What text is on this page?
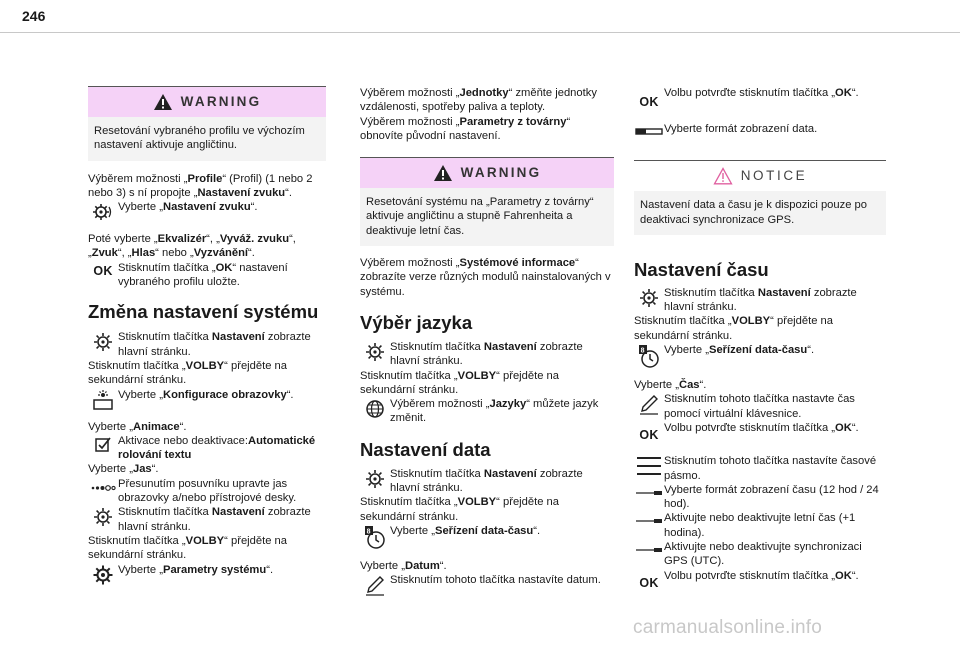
246
WARNING
Resetování vybraného profilu ve výchozím nastavení aktivuje angličtinu.

Výběrem možnosti „Profile“ (Profil) (1 nebo 2 nebo 3) s ní propojte „Nastavení zvuku“.

Vyberte „Nastavení zvuku“.

Poté vyberte „Ekvalizér“, „Vyváž. zvuku“, „Zvuk“, „Hlas“ nebo „Vyzvánění“.

OK Stisknutím tlačítka „OK“ nastavení vybraného profilu uložte.
Změna nastavení systému
Stisknutím tlačítka Nastavení zobrazte hlavní stránku.

Stisknutím tlačítka „VOLBY“ přejděte na sekundární stránku.

Vyberte „Konfigurace obrazovky“.

Vyberte „Animace“.

Aktivace nebo deaktivace:Automatické rolování textu

Vyberte „Jas“.

Přesunutím posuvníku upravte jas obrazovky a/nebo přístrojové desky.
Stisknutím tlačítka Nastavení zobrazte hlavní stránku.

Stisknutím tlačítka „VOLBY“ přejděte na sekundární stránku.

Vyberte „Parametry systému“.

Výběrem možnosti „Jednotky“ změňte jednotky vzdálenosti, spotřeby paliva a teploty.

Výběrem možnosti „Parametry z továrny“ obnovíte původní nastavení.

WARNING
Resetování systému na „Parametry z továrny“ aktivuje angličtinu a stupně Fahrenheita a deaktivuje letní čas.

Výběrem možnosti „Systémové informace“ zobrazíte verze různých modulů nainstalovaných v systému.

Výběr jazyka
Stisknutím tlačítka Nastavení zobrazte hlavní stránku.

Stisknutím tlačítka „VOLBY“ přejděte na sekundární stránku.

Výběrem možnosti „Jazyky“ můžete jazyk změnit.
Nastavení data
Stisknutím tlačítka Nastavení zobrazte hlavní stránku.

Stisknutím tlačítka „VOLBY“ přejděte na sekundární stránku.

8 Vyberte „Seřízení data-času“.

Vyberte „Datum“.

Stisknutím tohoto tlačítka nastavíte datum.
OK
Volbu potvrďte stisknutím tlačítka „OK“.
Vyberte formát zobrazení data.
NOTICE
Nastavení data a času je k dispozici pouze po deaktivaci synchronizace GPS.
Nastavení času
Stisknutím tlačítka Nastavení zobrazte hlavní stránku.

Stisknutím tlačítka „VOLBY“ přejděte na sekundární stránku.

8 Vyberte „Seřízení data-času“.

Vyberte „Čas“.

Stisknutím tohoto tlačítka nastavte čas pomocí virtuální klávesnice.
OK Volbu potvrďte stisknutím tlačítka „OK“.
Stisknutím tohoto tlačítka nastavíte časové pásmo.
Vyberte formát zobrazení času (12 hod / 24 hod).
Aktivujte nebo deaktivujte letní čas (+1 hodina).
Aktivujte nebo deaktivujte synchronizaci GPS (UTC).
OK Volbu potvrďte stisknutím tlačítka „OK“.
carmanualsonline.info
